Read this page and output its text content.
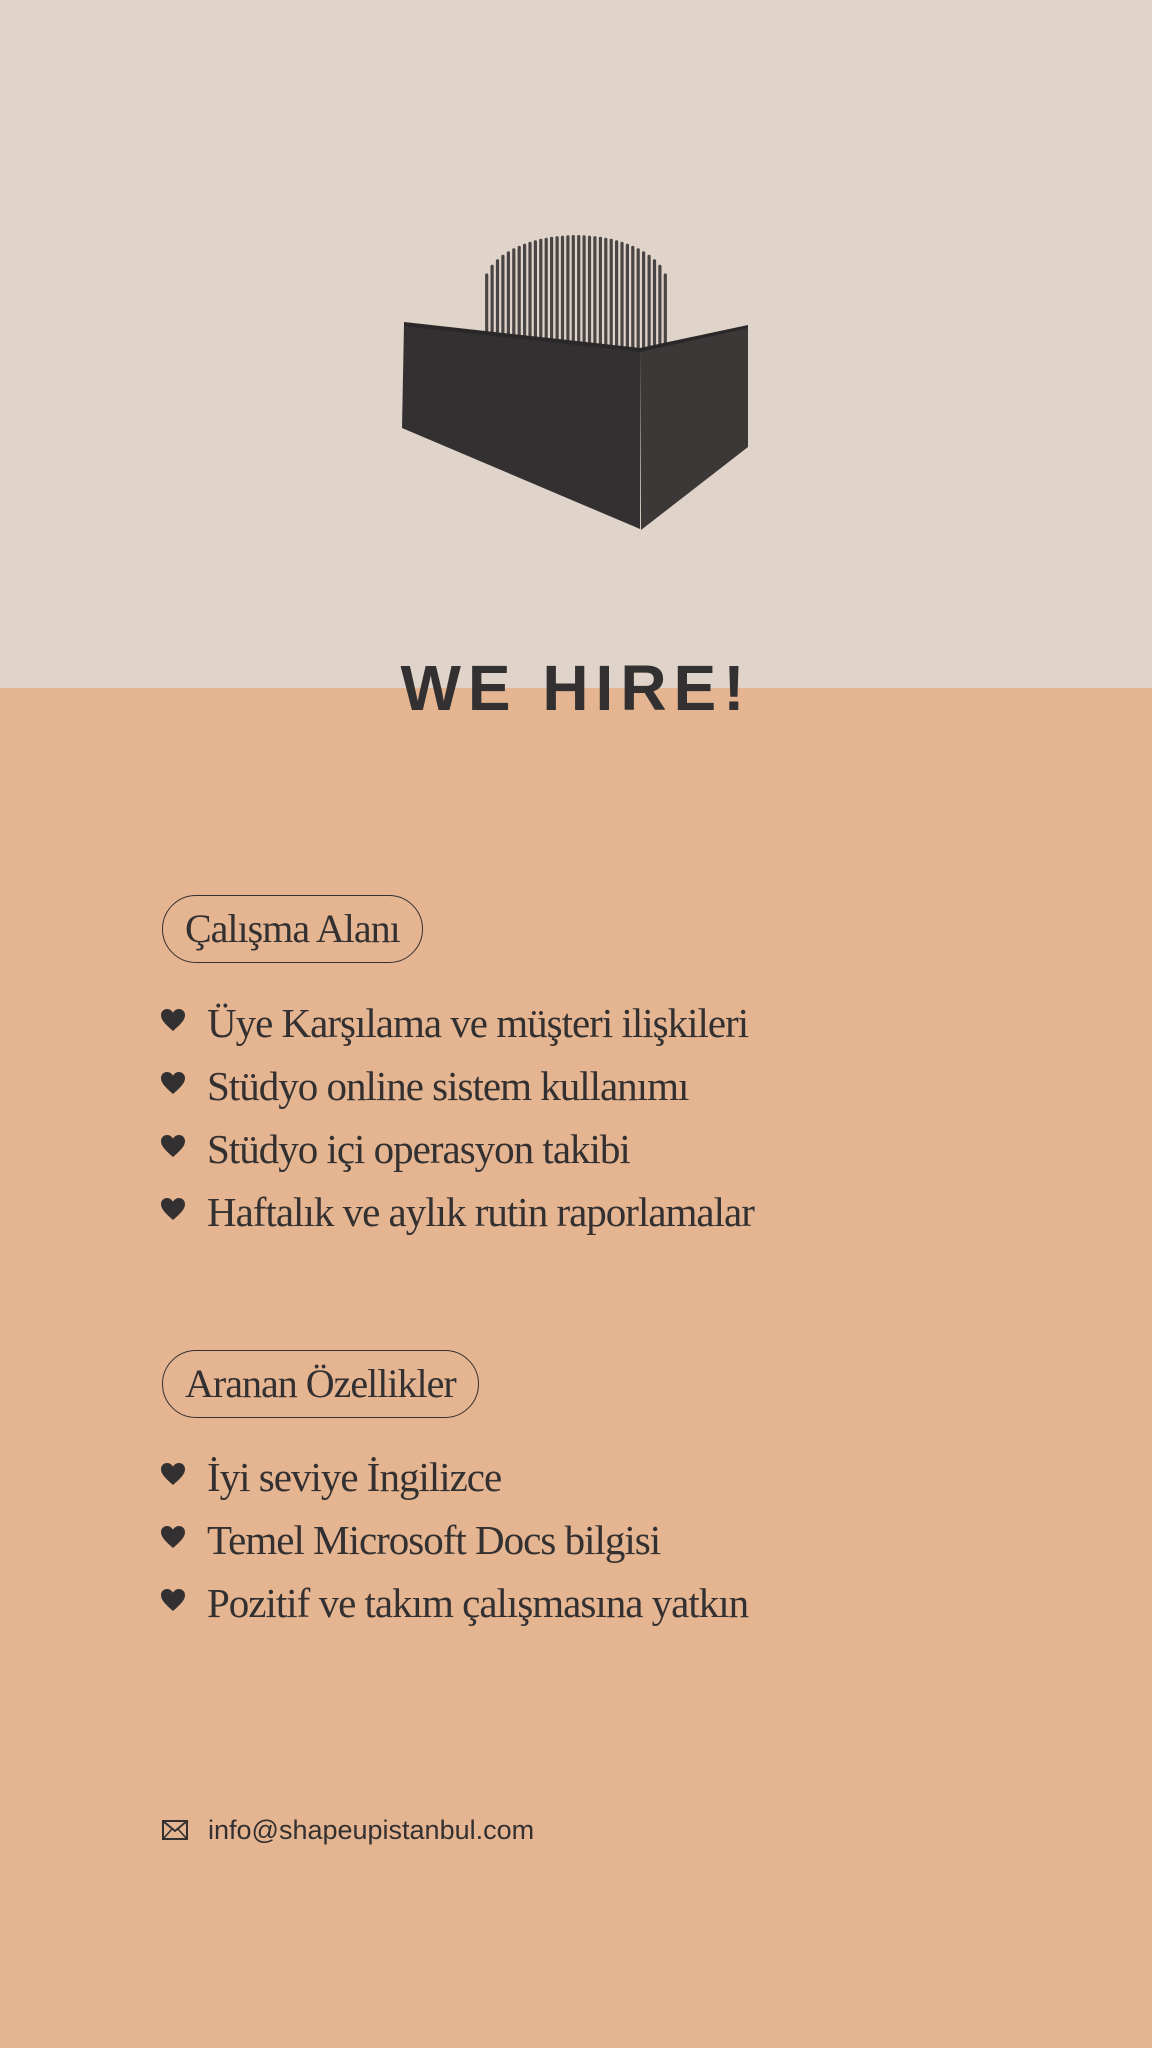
WE HIRE!
Çalışma Alanı
Üye Karşılama ve müşteri ilişkileri
Stüdyo online sistem kullanımı
Stüdyo içi operasyon takibi
Haftalık ve aylık rutin raporlamalar
Aranan Özellikler
İyi seviye İngilizce
Temel Microsoft Docs bilgisi
Pozitif ve takım çalışmasına yatkın
info@shapeupistanbul.com
